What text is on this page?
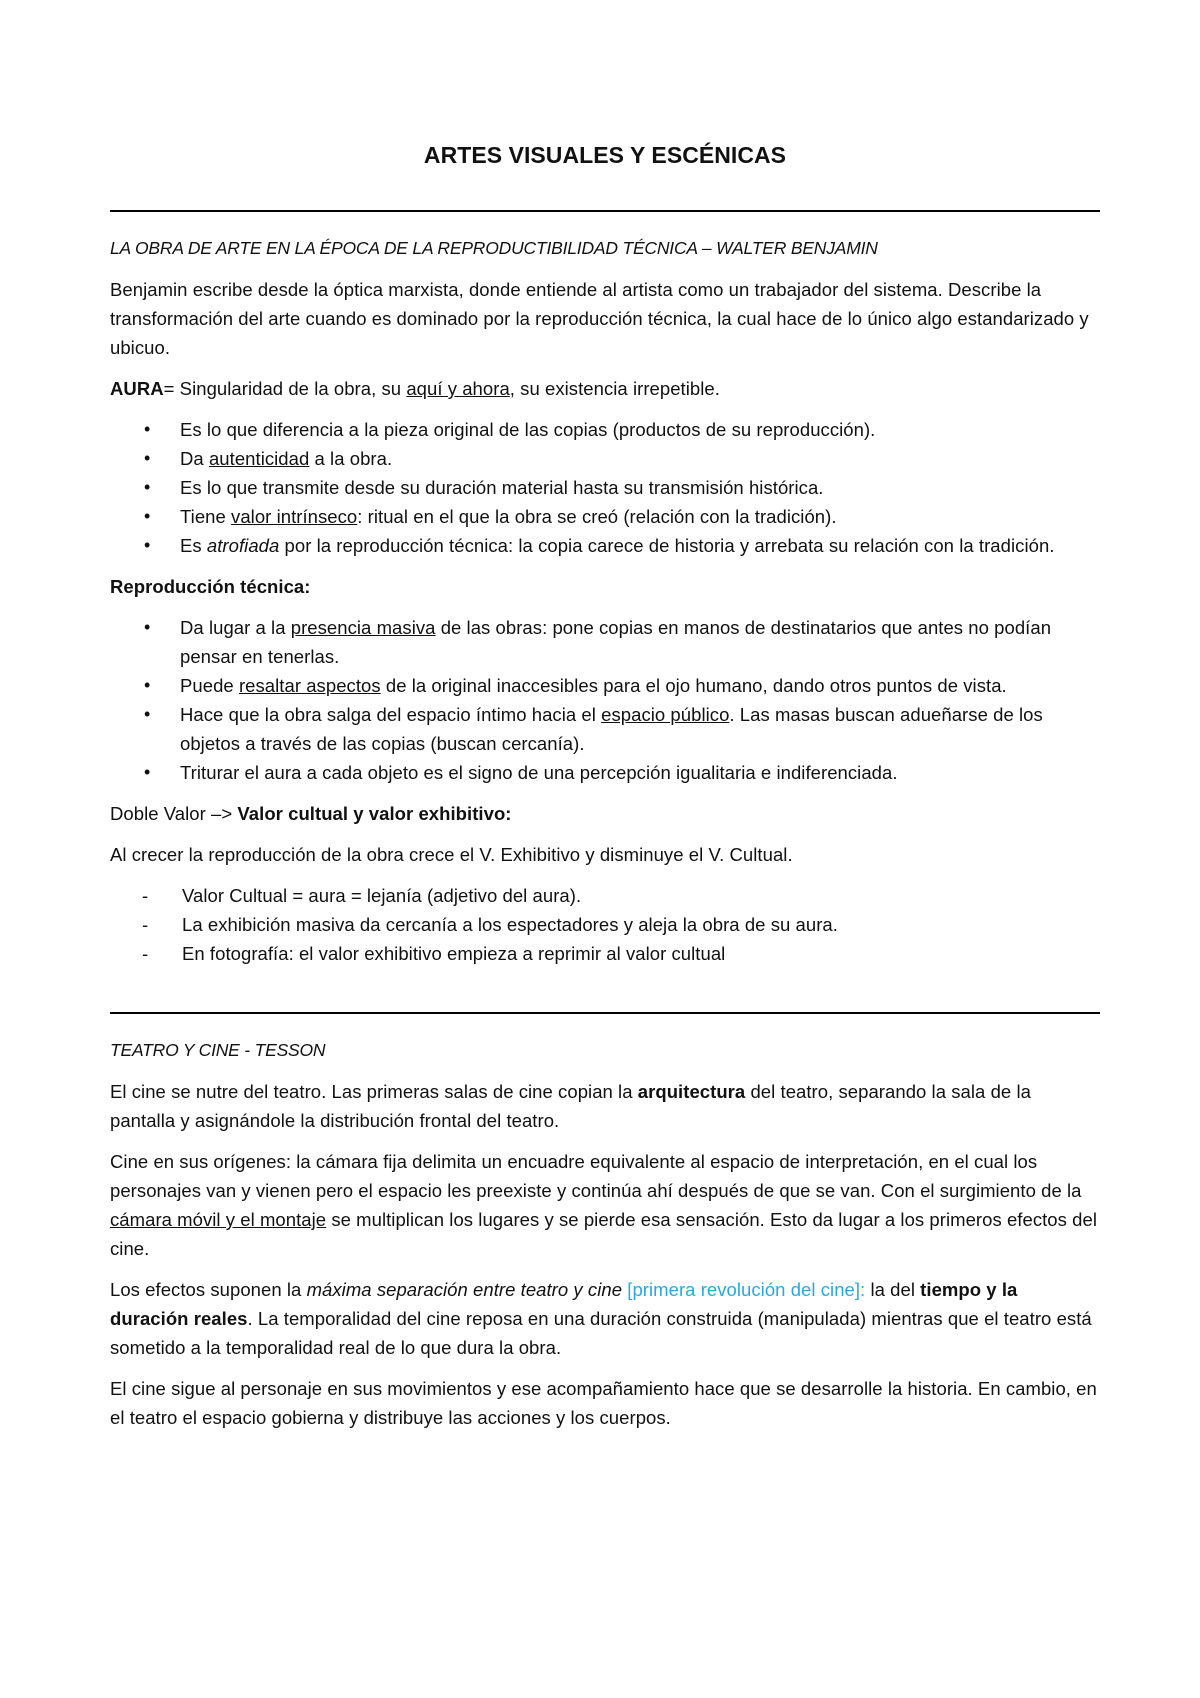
ARTES VISUALES Y ESCÉNICAS
LA OBRA DE ARTE EN LA ÉPOCA DE LA REPRODUCTIBILIDAD TÉCNICA – WALTER BENJAMIN

Benjamin escribe desde la óptica marxista, donde entiende al artista como un trabajador del sistema. Describe la transformación del arte cuando es dominado por la reproducción técnica, la cual hace de lo único algo estandarizado y ubicuo.

AURA= Singularidad de la obra, su aquí y ahora, su existencia irrepetible.

• Es lo que diferencia a la pieza original de las copias (productos de su reproducción).
• Da autenticidad a la obra.
• Es lo que transmite desde su duración material hasta su transmisión histórica.
• Tiene valor intrínseco: ritual en el que la obra se creó (relación con la tradición).
• Es atrofiada por la reproducción técnica: la copia carece de historia y arrebata su relación con la tradición.

Reproducción técnica:

• Da lugar a la presencia masiva de las obras: pone copias en manos de destinatarios que antes no podían pensar en tenerlas.
• Puede resaltar aspectos de la original inaccesibles para el ojo humano, dando otros puntos de vista.
• Hace que la obra salga del espacio íntimo hacia el espacio público. Las masas buscan adueñarse de los objetos a través de las copias (buscan cercanía).
• Triturar el aura a cada objeto es el signo de una percepción igualitaria e indiferenciada.

Doble Valor –> Valor cultual y valor exhibitivo:

Al crecer la reproducción de la obra crece el V. Exhibitivo y disminuye el V. Cultual.

- Valor Cultual = aura = lejanía (adjetivo del aura).
- La exhibición masiva da cercanía a los espectadores y aleja la obra de su aura.
- En fotografía: el valor exhibitivo empieza a reprimir al valor cultual
TEATRO Y CINE - TESSON

El cine se nutre del teatro. Las primeras salas de cine copian la arquitectura del teatro, separando la sala de la pantalla y asignándole la distribución frontal del teatro.

Cine en sus orígenes: la cámara fija delimita un encuadre equivalente al espacio de interpretación, en el cual los personajes van y vienen pero el espacio les preexiste y continúa ahí después de que se van. Con el surgimiento de la cámara móvil y el montaje se multiplican los lugares y se pierde esa sensación. Esto da lugar a los primeros efectos del cine.

Los efectos suponen la máxima separación entre teatro y cine [primera revolución del cine]: la del tiempo y la duración reales. La temporalidad del cine reposa en una duración construida (manipulada) mientras que el teatro está sometido a la temporalidad real de lo que dura la obra.

El cine sigue al personaje en sus movimientos y ese acompañamiento hace que se desarrolle la historia. En cambio, en el teatro el espacio gobierna y distribuye las acciones y los cuerpos.
